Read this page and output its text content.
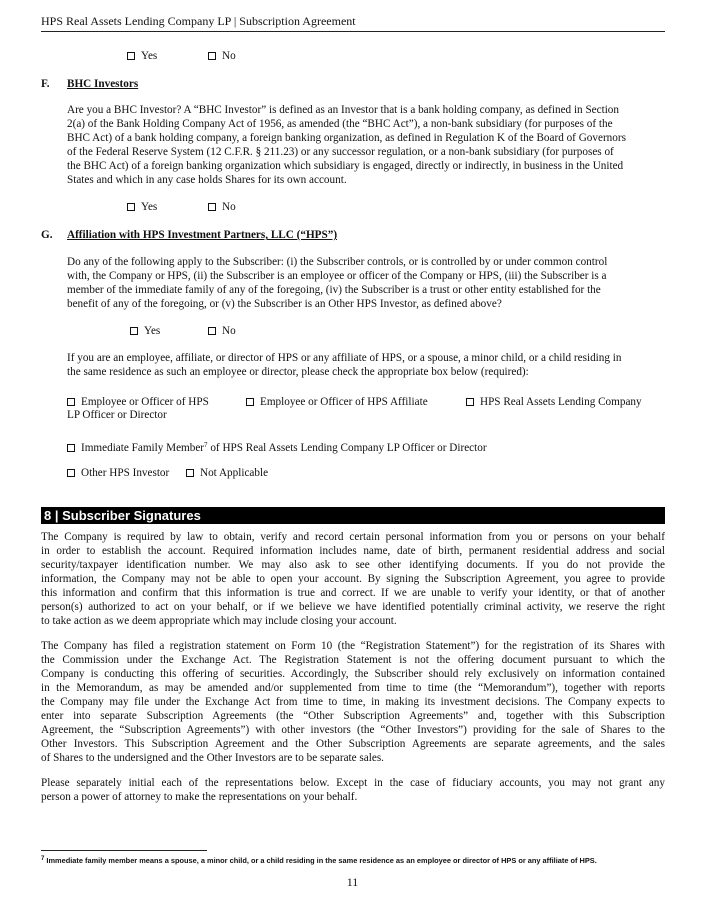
HPS Real Assets Lending Company LP | Subscription Agreement
Yes	No
F. BHC Investors
Are you a BHC Investor? A “BHC Investor” is defined as an Investor that is a bank holding company, as defined in Section
2(a) of the Bank Holding Company Act of 1956, as amended (the “BHC Act”), a non-bank subsidiary (for purposes of the
BHC Act) of a bank holding company, a foreign banking organization, as defined in Regulation K of the Board of Governors
of the Federal Reserve System (12 C.F.R. § 211.23) or any successor regulation, or a non-bank subsidiary (for purposes of
the BHC Act) of a foreign banking organization which subsidiary is engaged, directly or indirectly, in business in the United
States and which in any case holds Shares for its own account.
Yes	No
G. Affiliation with HPS Investment Partners, LLC (“HPS”)
Do any of the following apply to the Subscriber: (i) the Subscriber controls, or is controlled by or under common control
with, the Company or HPS, (ii) the Subscriber is an employee or officer of the Company or HPS, (iii) the Subscriber is a
member of the immediate family of any of the foregoing, (iv) the Subscriber is a trust or other entity established for the
benefit of any of the foregoing, or (v) the Subscriber is an Other HPS Investor, as defined above?
Yes	No
If you are an employee, affiliate, or director of HPS or any affiliate of HPS, or a spouse, a minor child, or a child residing in
the same residence as such an employee or director, please check the appropriate box below (required):
Employee or Officer of HPS	Employee or Officer of HPS Affiliate	HPS Real Assets Lending Company
LP Officer or Director
Immediate Family Member$^7$ of HPS Real Assets Lending Company LP Officer or Director
Other HPS Investor	Not Applicable
8 | Subscriber Signatures
The Company is required by law to obtain, verify and record certain personal information from you or persons on your behalf
in order to establish the account. Required information includes name, date of birth, permanent residential address and social
security/taxpayer identification number. We may also ask to see other identifying documents. If you do not provide the
information, the Company may not be able to open your account. By signing the Subscription Agreement, you agree to provide
this information and confirm that this information is true and correct. If we are unable to verify your identity, or that of another
person(s) authorized to act on your behalf, or if we believe we have identified potentially criminal activity, we reserve the right
to take action as we deem appropriate which may include closing your account.
The Company has filed a registration statement on Form 10 (the “Registration Statement”) for the registration of its Shares with
the Commission under the Exchange Act. The Registration Statement is not the offering document pursuant to which the
Company is conducting this offering of securities. Accordingly, the Subscriber should rely exclusively on information contained
in the Memorandum, as may be amended and/or supplemented from time to time (the “Memorandum”), together with reports
the Company may file under the Exchange Act from time to time, in making its investment decisions. The Company expects to
enter into separate Subscription Agreements (the “Other Subscription Agreements” and, together with this Subscription
Agreement, the “Subscription Agreements”) with other investors (the “Other Investors”) providing for the sale of Shares to the
Other Investors. This Subscription Agreement and the Other Subscription Agreements are separate agreements, and the sales
of Shares to the undersigned and the Other Investors are to be separate sales.
Please separately initial each of the representations below. Except in the case of fiduciary accounts, you may not grant any
person a power of attorney to make the representations on your behalf.
$^7$ Immediate family member means a spouse, a minor child, or a child residing in the same residence as an employee or director of HPS or any affiliate of HPS.
11
